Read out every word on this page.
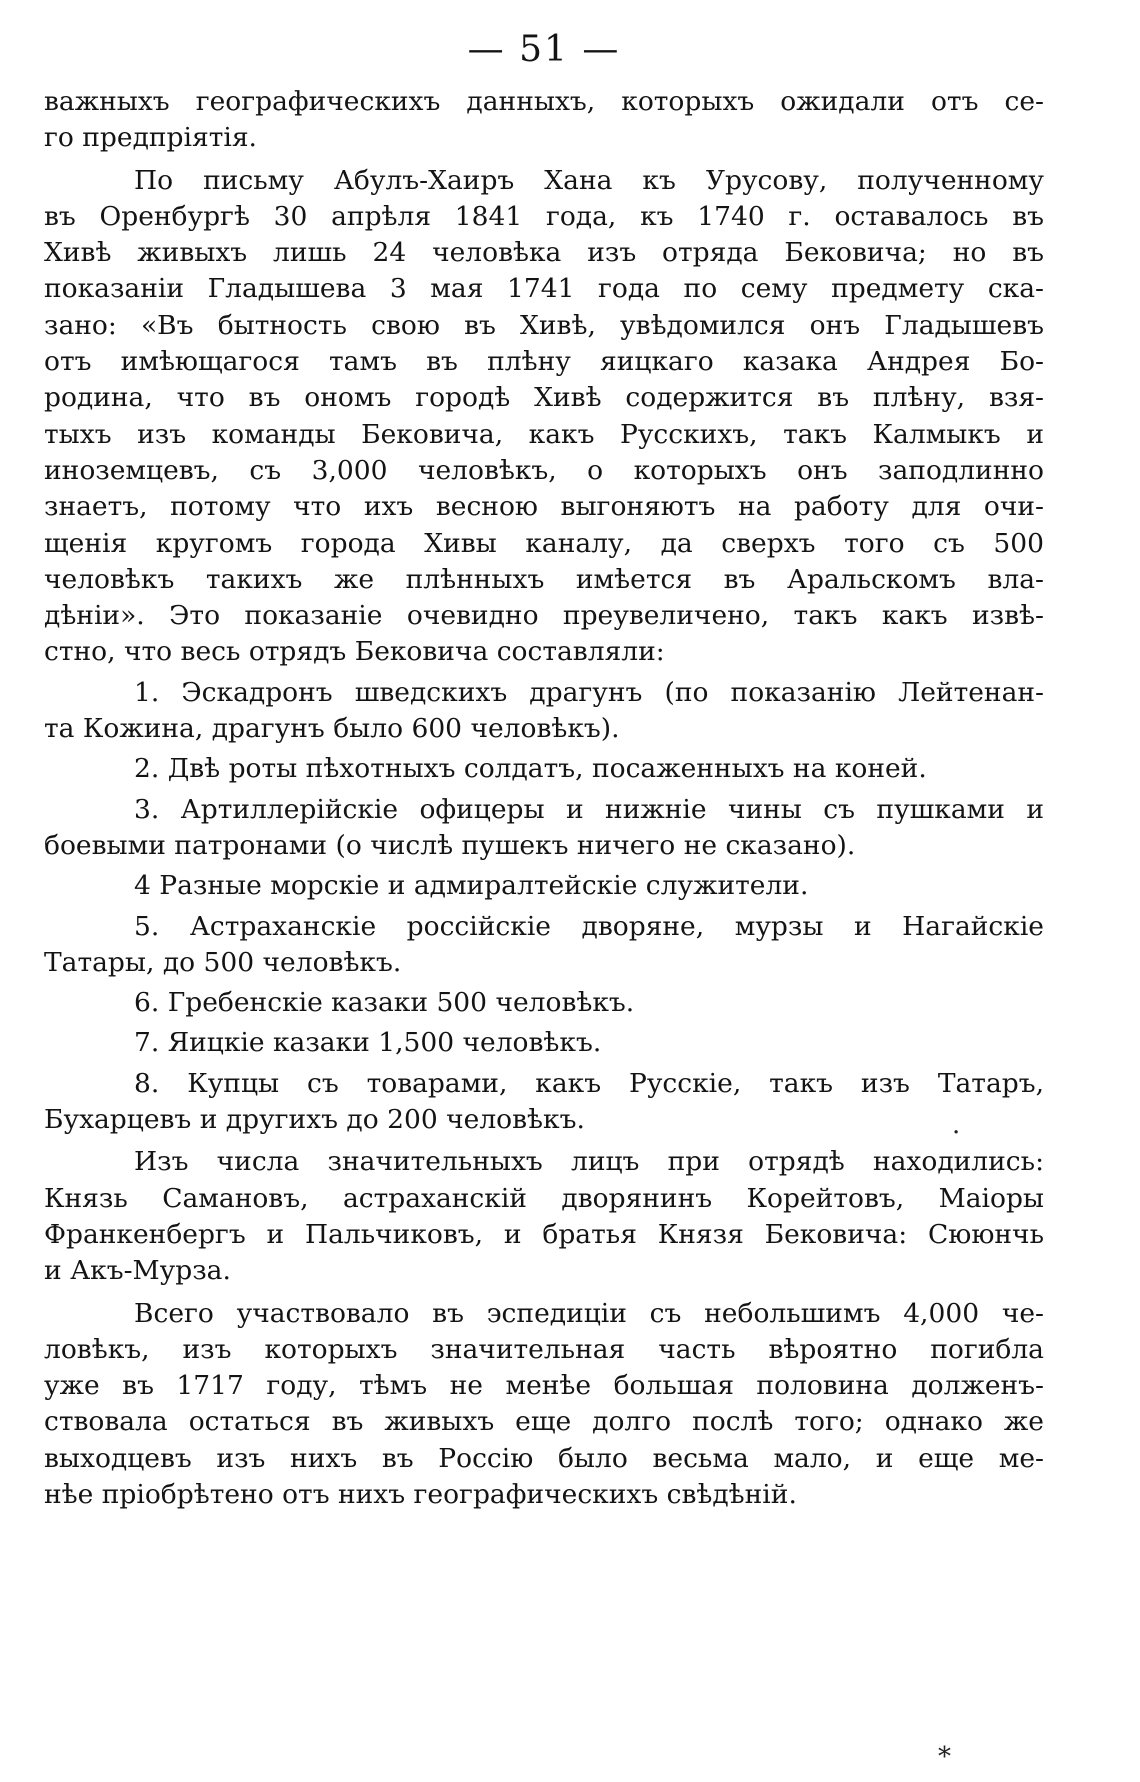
— 51 —
важныхъ географическихъ данныхъ, которыхъ ожидали отъ се-
го предпріятія.
По письму Абулъ-Хаиръ Хана къ Урусову, полученному
въ Оренбургѣ 30 апрѣля 1841 года, къ 1740 г. оставалось въ
Хивѣ живыхъ лишь 24 человѣка изъ отряда Бековича; но въ
показаніи Гладышева 3 мая 1741 года по сему предмету ска-
зано: «Въ бытность свою въ Хивѣ, увѣдомился онъ Гладышевъ
отъ имѣющагося тамъ въ плѣну яицкаго казака Андрея Бо-
родина, что въ ономъ городѣ Хивѣ содержится въ плѣну, взя-
тыхъ изъ команды Бековича, какъ Русскихъ, такъ Калмыкъ и
иноземцевъ, съ 3,000 человѣкъ, о которыхъ онъ заподлинно
знаетъ, потому что ихъ весною выгоняютъ на работу для очи-
щенія кругомъ города Хивы каналу, да сверхъ того съ 500
человѣкъ такихъ же плѣнныхъ имѣется въ Аральскомъ вла-
дѣніи». Это показаніе очевидно преувеличено, такъ какъ извѣ-
стно, что весь отрядъ Бековича составляли:
1. Эскадронъ шведскихъ драгунъ (по показанію Лейтенан-
та Кожина, драгунъ было 600 человѣкъ).
2. Двѣ роты пѣхотныхъ солдатъ, посаженныхъ на коней.
3. Артиллерійскіе офицеры и нижніе чины съ пушками и
боевыми патронами (о числѣ пушекъ ничего не сказано).
4 Разные морскіе и адмиралтейскіе служители.
5. Астраханскіе россійскіе дворяне, мурзы и Нагайскіе
Татары, до 500 человѣкъ.
6. Гребенскіе казаки 500 человѣкъ.
7. Яицкіе казаки 1,500 человѣкъ.
8. Купцы съ товарами, какъ Русскіе, такъ изъ Татаръ,
Бухарцевъ и другихъ до 200 человѣкъ.
Изъ числа значительныхъ лицъ при отрядѣ находились:
Князь Самановъ, астраханскій дворянинъ Корейтовъ, Маіоры
Франкенбергъ и Пальчиковъ, и братья Князя Бековича: Сююнчь
и Акъ-Мурза.
Всего участвовало въ эспедиціи съ небольшимъ 4,000 че-
ловѣкъ, изъ которыхъ значительная часть вѣроятно погибла
уже въ 1717 году, тѣмъ не менѣе большая половина долженъ-
ствовала остаться въ живыхъ еще долго послѣ того; однако же
выходцевъ изъ нихъ въ Россію было весьма мало, и еще ме-
нѣе пріобрѣтено отъ нихъ географическихъ свѣдѣній.
·
*
